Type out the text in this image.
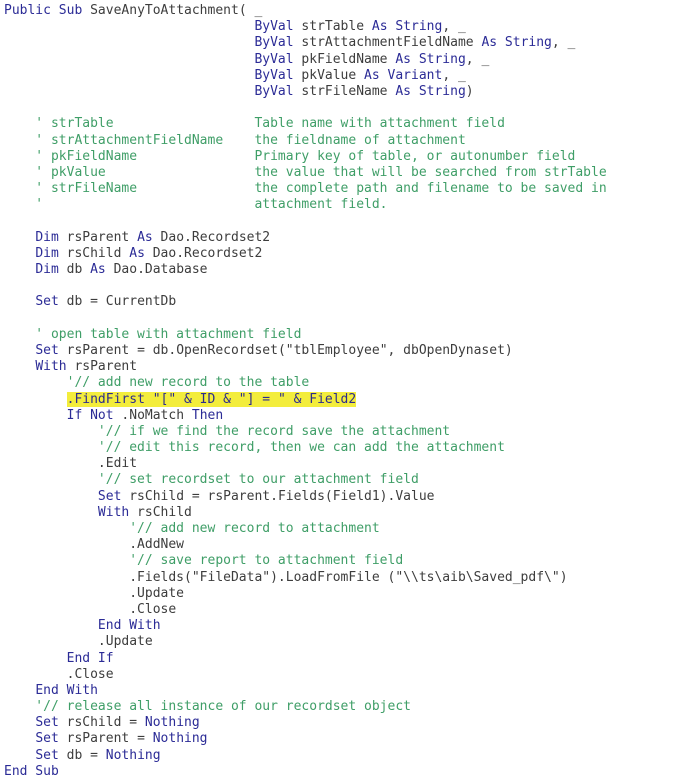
Public Sub SaveAnyToAttachment( _
ByVal strTable As String, _
ByVal strAttachmentFieldName As String, _
ByVal pkFieldName As String, _
ByVal pkValue As Variant, _
ByVal strFileName As String)

' strTable                  Table name with attachment field
' strAttachmentFieldName    the fieldname of attachment
' pkFieldName               Primary key of table, or autonumber field
' pkValue                   the value that will be searched from strTable
' strFileName               the complete path and filename to be saved in
'                           attachment field.

Dim rsParent As Dao.Recordset2
Dim rsChild As Dao.Recordset2
Dim db As Dao.Database

Set db = CurrentDb

' open table with attachment field
Set rsParent = db.OpenRecordset("tblEmployee", dbOpenDynaset)
With rsParent
'// add new record to the table
.FindFirst "[" & ID & "] = " & Field2
If Not .NoMatch Then
'// if we find the record save the attachment
'// edit this record, then we can add the attachment
.Edit
'// set recordset to our attachment field
Set rsChild = rsParent.Fields(Field1).Value
With rsChild
'// add new record to attachment
.AddNew
'// save report to attachment field
.Fields("FileData").LoadFromFile ("\\ts\aib\Saved_pdf\")
.Update
.Close
End With
.Update
End If
.Close
End With
'// release all instance of our recordset object
Set rsChild = Nothing
Set rsParent = Nothing
Set db = Nothing
End Sub
